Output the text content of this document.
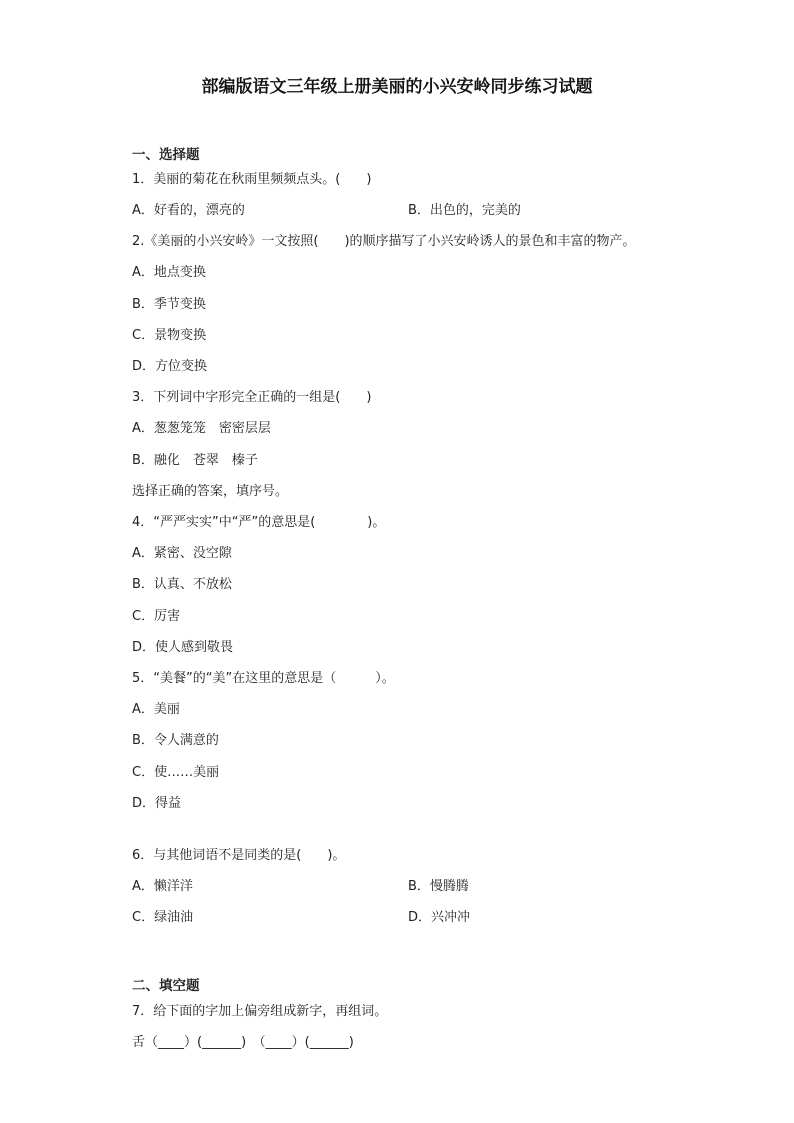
部编版语文三年级上册美丽的小兴安岭同步练习试题
一、选择题
1．美丽的菊花在秋雨里频频点头。(　　)
A．好看的，漂亮的	B．出色的，完美的
2.《美丽的小兴安岭》一文按照(　　)的顺序描写了小兴安岭诱人的景色和丰富的物产。
A．地点变换
B．季节变换
C．景物变换
D．方位变换
3．下列词中字形完全正确的一组是(　　)
A．葱葱笼笼　密密层层
B．融化　苍翠　榛子
选择正确的答案，填序号。
4．“严严实实”中“严”的意思是(　　　　)。
A．紧密、没空隙
B．认真、不放松
C．厉害
D．使人感到敬畏
5．“美餐”的“美”在这里的意思是（　　　）。
A．美丽
B．令人满意的
C．使……美丽
D．得益
6．与其他词语不是同类的是(　　)。
A．懒洋洋	B．慢腾腾
C．绿油油	D．兴冲冲
二、填空题
7．给下面的字加上偏旁组成新字，再组词。
舌（____）(______)　（____）(______)
